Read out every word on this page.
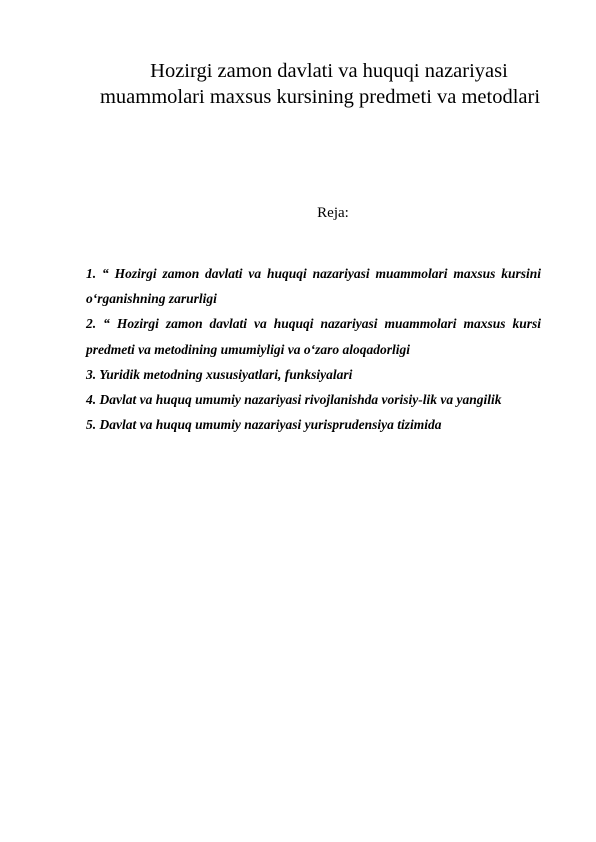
Hozirgi zamon davlati va huquqi nazariyasi
muammolari maxsus kursining predmeti va metodlari
Reja:
1. “ Hozirgi zamon davlati va huquqi nazariyasi muammolari maxsus kursini o‘rganishning zarurligi
2. “ Hozirgi zamon davlati va huquqi nazariyasi muammolari maxsus kursi predmeti va metodining umumiyligi va o‘zaro aloqadorligi
3. Yuridik metodning xususiyatlari, funksiyalari
4. Davlat va huquq umumiy nazariyasi rivojlanishda vorisiy-lik va yangilik
5. Davlat va huquq umumiy nazariyasi yurisprudensiya tizimida
